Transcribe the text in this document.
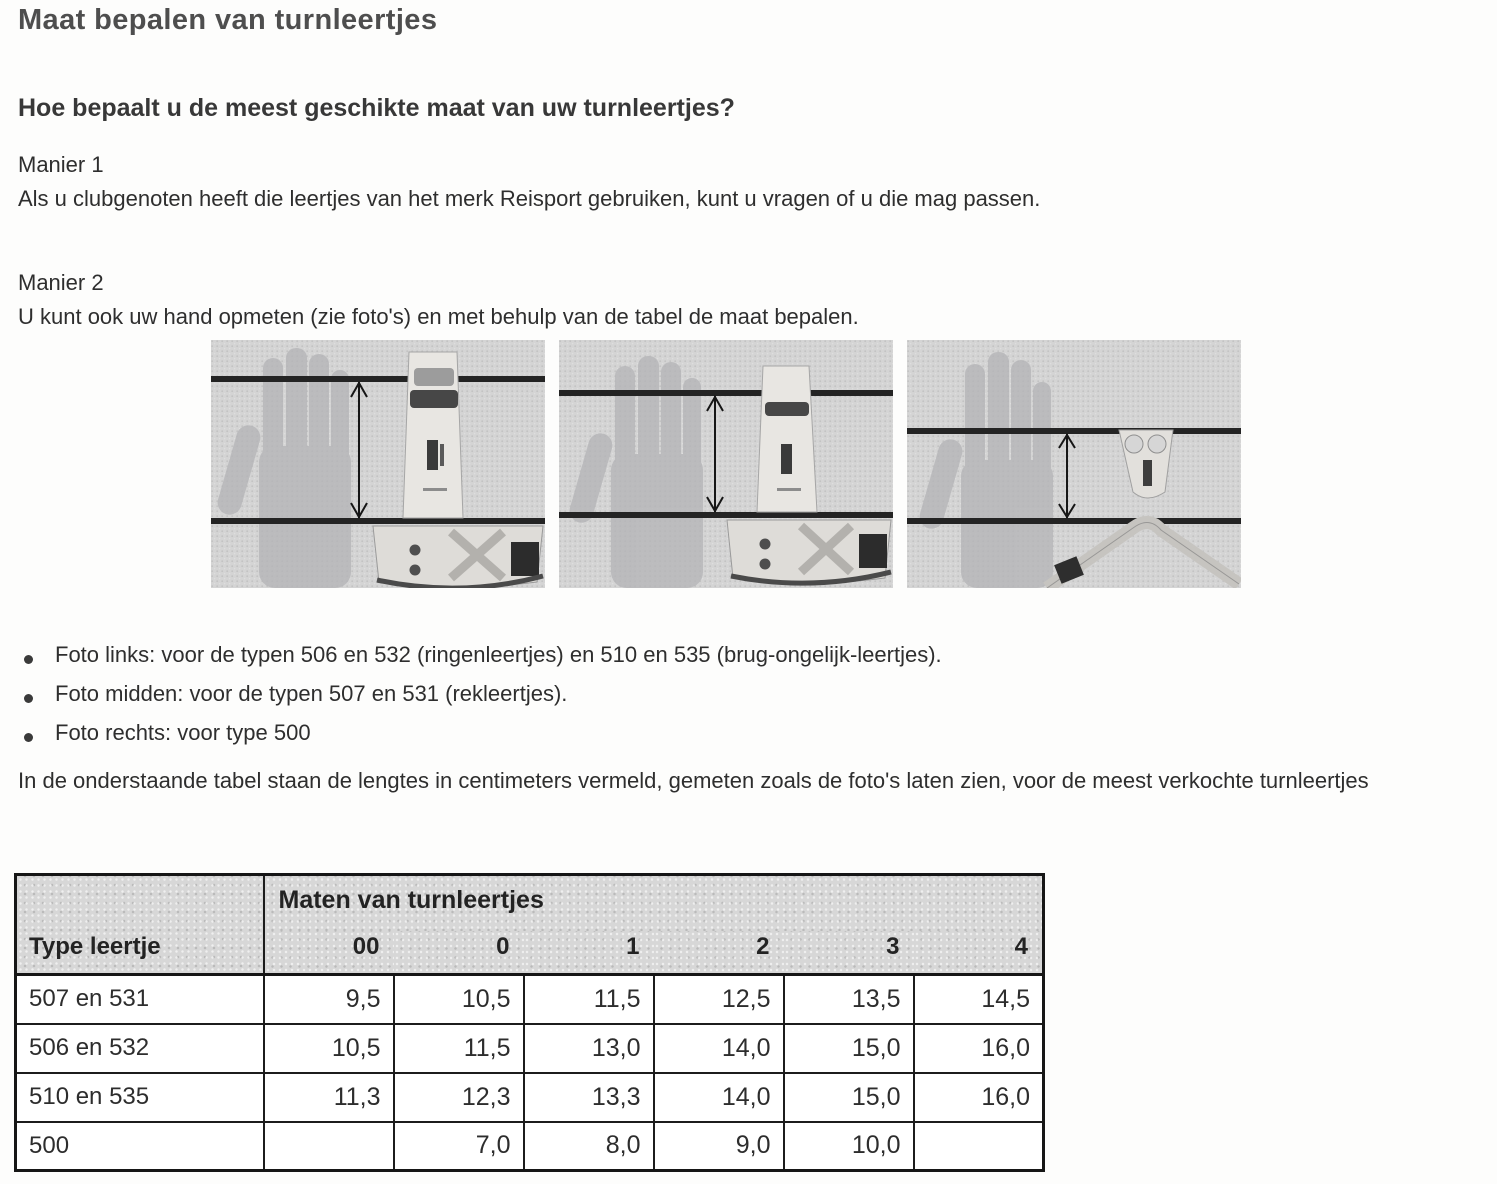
Maat bepalen van turnleertjes
Hoe bepaalt u de meest geschikte maat van uw turnleertjes?
Manier 1
Als u clubgenoten heeft die leertjes van het merk Reisport gebruiken, kunt u vragen of u die mag passen.
Manier 2
U kunt ook uw hand opmeten (zie foto's) en met behulp van de tabel de maat bepalen.
Foto links: voor de typen 506 en 532 (ringenleertjes) en 510 en 535 (brug-ongelijk-leertjes).
Foto midden: voor de typen 507 en 531 (rekleertjes).
Foto rechts: voor type 500

In de onderstaande tabel staan de lengtes in centimeters vermeld, gemeten zoals de foto's laten zien, voor de meest verkochte turnleertjes

Type leertje	Maten van turnleertjes					
	00	0	1	2	3	4
507 en 531	9,5	10,5	11,5	12,5	13,5	14,5
506 en 532	10,5	11,5	13,0	14,0	15,0	16,0
510 en 535	11,3	12,3	13,3	14,0	15,0	16,0
500		7,0	8,0	9,0	10,0	
